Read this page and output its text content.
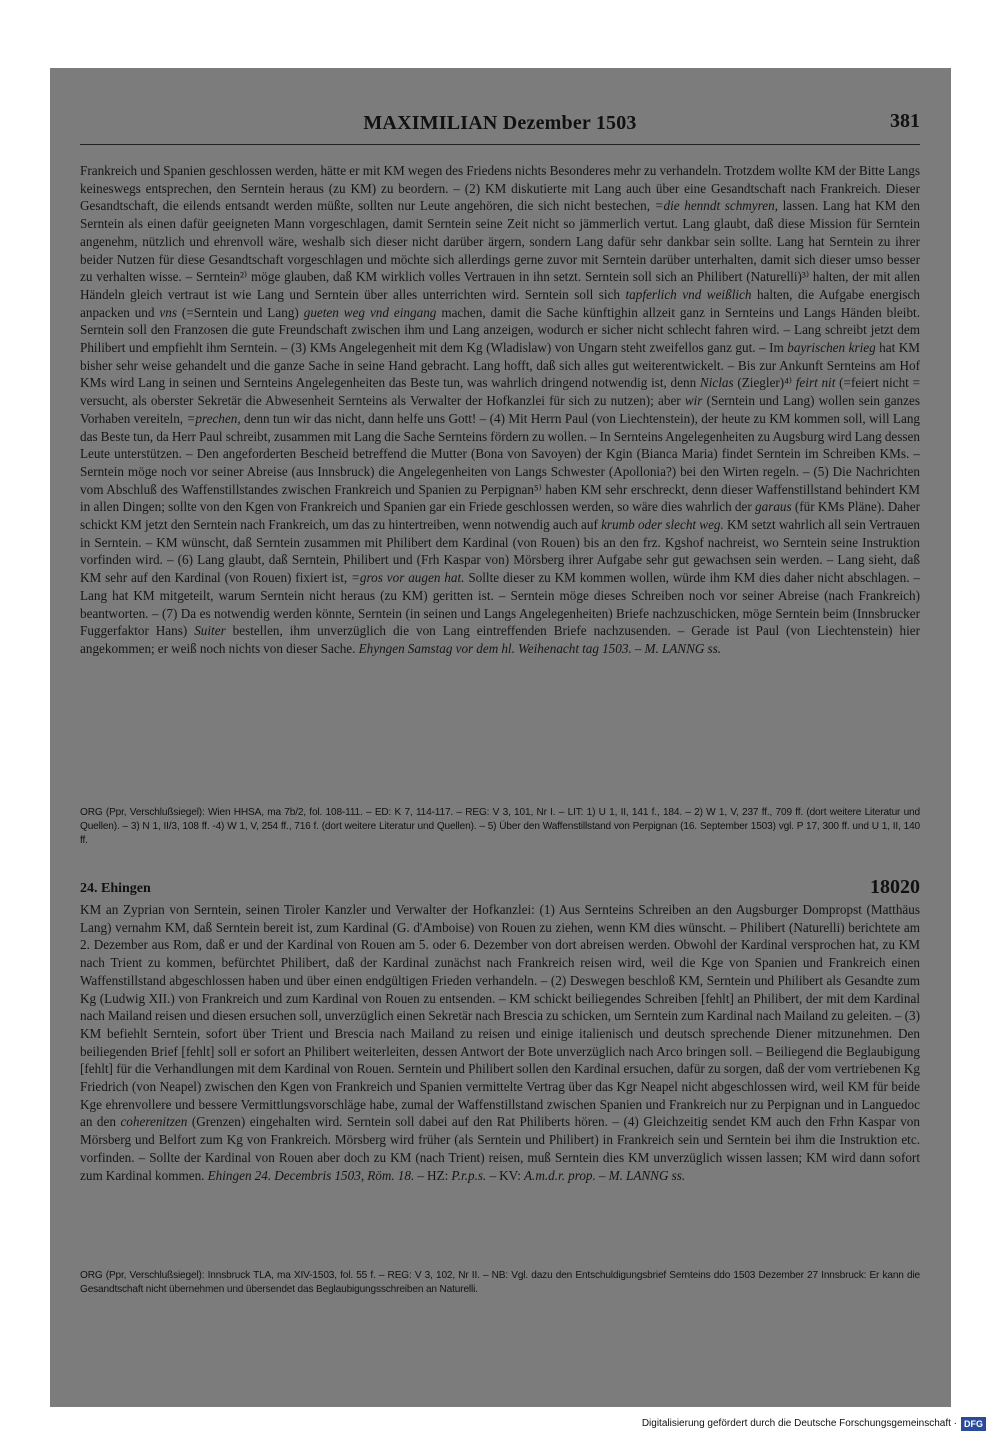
MAXIMILIAN Dezember 1503	381
Frankreich und Spanien geschlossen werden, hätte er mit KM wegen des Friedens nichts Besonderes mehr zu verhandeln. Trotzdem wollte KM der Bitte Langs keineswegs entsprechen, den Serntein heraus (zu KM) zu beordern. – (2) KM diskutierte mit Lang auch über eine Gesandtschaft nach Frankreich. Dieser Gesandtschaft, die eilends entsandt werden müßte, sollten nur Leute angehören, die sich nicht bestechen, =die henndt schmyren, lassen. Lang hat KM den Serntein als einen dafür geeigneten Mann vorgeschlagen, damit Serntein seine Zeit nicht so jämmerlich vertut. Lang glaubt, daß diese Mission für Serntein angenehm, nützlich und ehrenvoll wäre, weshalb sich dieser nicht darüber ärgern, sondern Lang dafür sehr dankbar sein sollte. Lang hat Serntein zu ihrer beider Nutzen für diese Gesandtschaft vorgeschlagen und möchte sich allerdings gerne zuvor mit Serntein darüber unterhalten, damit sich dieser umso besser zu verhalten wisse. – Serntein²⁾ möge glauben, daß KM wirklich volles Vertrauen in ihn setzt. Serntein soll sich an Philibert (Naturelli)³⁾ halten, der mit allen Händeln gleich vertraut ist wie Lang und Serntein über alles unterrichten wird. Serntein soll sich tapferlich vnd weißlich halten, die Aufgabe energisch anpacken und vns (=Serntein und Lang) gueten weg vnd eingang machen, damit die Sache künftighin allzeit ganz in Sernteins und Langs Händen bleibt. Serntein soll den Franzosen die gute Freundschaft zwischen ihm und Lang anzeigen, wodurch er sicher nicht schlecht fahren wird. – Lang schreibt jetzt dem Philibert und empfiehlt ihm Serntein. – (3) KMs Angelegenheit mit dem Kg (Wladislaw) von Ungarn steht zweifellos ganz gut. – Im bayrischen krieg hat KM bisher sehr weise gehandelt und die ganze Sache in seine Hand gebracht. Lang hofft, daß sich alles gut weiterentwickelt. – Bis zur Ankunft Sernteins am Hof KMs wird Lang in seinen und Sernteins Angelegenheiten das Beste tun, was wahrlich dringend notwendig ist, denn Niclas (Ziegler)⁴⁾ feirt nit (=feiert nicht = versucht, als oberster Sekretär die Abwesenheit Sernteins als Verwalter der Hofkanzlei für sich zu nutzen); aber wir (Serntein und Lang) wollen sein ganzes Vorhaben vereiteln, =prechen, denn tun wir das nicht, dann helfe uns Gott! – (4) Mit Herrn Paul (von Liechtenstein), der heute zu KM kommen soll, will Lang das Beste tun, da Herr Paul schreibt, zusammen mit Lang die Sache Sernteins fördern zu wollen. – In Sernteins Angelegenheiten zu Augsburg wird Lang dessen Leute unterstützen. – Den angeforderten Bescheid betreffend die Mutter (Bona von Savoyen) der Kgin (Bianca Maria) findet Serntein im Schreiben KMs. – Serntein möge noch vor seiner Abreise (aus Innsbruck) die Angelegenheiten von Langs Schwester (Apollonia?) bei den Wirten regeln. – (5) Die Nachrichten vom Abschluß des Waffenstillstandes zwischen Frankreich und Spanien zu Perpignan⁵⁾ haben KM sehr erschreckt, denn dieser Waffenstillstand behindert KM in allen Dingen; sollte von den Kgen von Frankreich und Spanien gar ein Friede geschlossen werden, so wäre dies wahrlich der garaus (für KMs Pläne). Daher schickt KM jetzt den Serntein nach Frankreich, um das zu hintertreiben, wenn notwendig auch auf krumb oder slecht weg. KM setzt wahrlich all sein Vertrauen in Serntein. – KM wünscht, daß Serntein zusammen mit Philibert dem Kardinal (von Rouen) bis an den frz. Kgshof nachreist, wo Serntein seine Instruktion vorfinden wird. – (6) Lang glaubt, daß Serntein, Philibert und (Frh Kaspar von) Mörsberg ihrer Aufgabe sehr gut gewachsen sein werden. – Lang sieht, daß KM sehr auf den Kardinal (von Rouen) fixiert ist, =gros vor augen hat. Sollte dieser zu KM kommen wollen, würde ihm KM dies daher nicht abschlagen. – Lang hat KM mitgeteilt, warum Serntein nicht heraus (zu KM) geritten ist. – Serntein möge dieses Schreiben noch vor seiner Abreise (nach Frankreich) beantworten. – (7) Da es notwendig werden könnte, Serntein (in seinen und Langs Angelegenheiten) Briefe nachzuschicken, möge Serntein beim (Innsbrucker Fuggerfaktor Hans) Suiter bestellen, ihm unverzüglich die von Lang eintreffenden Briefe nachzusenden. – Gerade ist Paul (von Liechtenstein) hier angekommen; er weiß noch nichts von dieser Sache. Ehyngen Samstag vor dem hl. Weihenacht tag 1503. – M. LANNG ss.
ORG (Ppr, Verschlußsiegel): Wien HHSA, ma 7b/2, fol. 108-111. – ED: K 7, 114-117. – REG: V 3, 101, Nr I. – LIT: 1) U 1, II, 141 f., 184. – 2) W 1, V, 237 ff., 709 ff. (dort weitere Literatur und Quellen). – 3) N 1, II/3, 108 ff. -4) W 1, V, 254 ff., 716 f. (dort weitere Literatur und Quellen). – 5) Über den Waffenstillstand von Perpignan (16. September 1503) vgl. P 17, 300 ff. und U 1, II, 140 ff.
24. Ehingen	18020
KM an Zyprian von Serntein, seinen Tiroler Kanzler und Verwalter der Hofkanzlei: (1) Aus Sernteins Schreiben an den Augsburger Dompropst (Matthäus Lang) vernahm KM, daß Serntein bereit ist, zum Kardinal (G. d'Amboise) von Rouen zu ziehen, wenn KM dies wünscht. – Philibert (Naturelli) berichtete am 2. Dezember aus Rom, daß er und der Kardinal von Rouen am 5. oder 6. Dezember von dort abreisen werden. Obwohl der Kardinal versprochen hat, zu KM nach Trient zu kommen, befürchtet Philibert, daß der Kardinal zunächst nach Frankreich reisen wird, weil die Kge von Spanien und Frankreich einen Waffenstillstand abgeschlossen haben und über einen endgültigen Frieden verhandeln. – (2) Deswegen beschloß KM, Serntein und Philibert als Gesandte zum Kg (Ludwig XII.) von Frankreich und zum Kardinal von Rouen zu entsenden. – KM schickt beiliegendes Schreiben [fehlt] an Philibert, der mit dem Kardinal nach Mailand reisen und diesen ersuchen soll, unverzüglich einen Sekretär nach Brescia zu schicken, um Serntein zum Kardinal nach Mailand zu geleiten. – (3) KM befiehlt Serntein, sofort über Trient und Brescia nach Mailand zu reisen und einige italienisch und deutsch sprechende Diener mitzunehmen. Den beiliegenden Brief [fehlt] soll er sofort an Philibert weiterleiten, dessen Antwort der Bote unverzüglich nach Arco bringen soll. – Beiliegend die Beglaubigung [fehlt] für die Verhandlungen mit dem Kardinal von Rouen. Serntein und Philibert sollen den Kardinal ersuchen, dafür zu sorgen, daß der vom vertriebenen Kg Friedrich (von Neapel) zwischen den Kgen von Frankreich und Spanien vermittelte Vertrag über das Kgr Neapel nicht abgeschlossen wird, weil KM für beide Kge ehrenvollere und bessere Vermittlungsvorschläge habe, zumal der Waffenstillstand zwischen Spanien und Frankreich nur zu Perpignan und in Languedoc an den coherenitzen (Grenzen) eingehalten wird. Serntein soll dabei auf den Rat Philiberts hören. – (4) Gleichzeitig sendet KM auch den Frhn Kaspar von Mörsberg und Belfort zum Kg von Frankreich. Mörsberg wird früher (als Serntein und Philibert) in Frankreich sein und Serntein bei ihm die Instruktion etc. vorfinden. – Sollte der Kardinal von Rouen aber doch zu KM (nach Trient) reisen, muß Serntein dies KM unverzüglich wissen lassen; KM wird dann sofort zum Kardinal kommen. Ehingen 24. Decembris 1503, Röm. 18. – HZ: P.r.p.s. – KV: A.m.d.r. prop. – M. LANNG ss.
ORG (Ppr, Verschlußsiegel): Innsbruck TLA, ma XIV-1503, fol. 55 f. – REG: V 3, 102, Nr II. – NB: Vgl. dazu den Entschuldigungsbrief Sernteins ddo 1503 Dezember 27 Innsbruck: Er kann die Gesandtschaft nicht übernehmen und übersendet das Beglaubigungsschreiben an Naturelli.
Digitalisierung gefördert durch die Deutsche Forschungsgemeinschaft · DFG
